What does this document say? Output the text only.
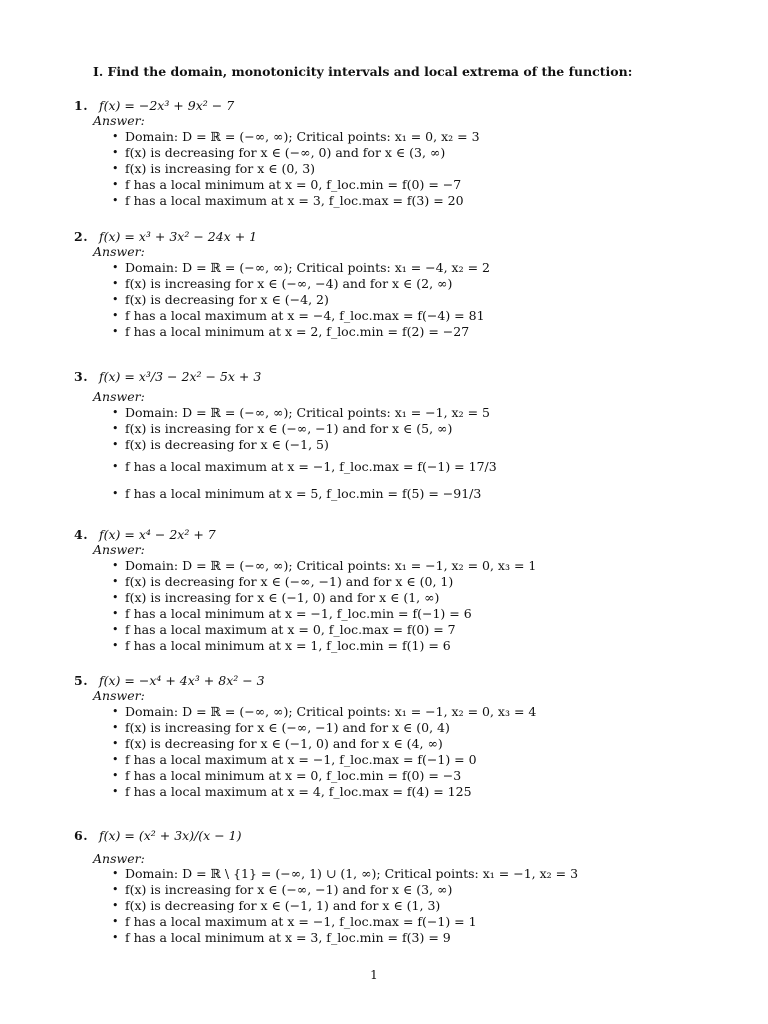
I. Find the domain, monotonicity intervals and local extrema of the function:
1. f(x) = −2x³ + 9x² − 7
Answer:
• Domain: D = ℝ = (−∞, ∞); Critical points: x₁ = 0, x₂ = 3
• f(x) is decreasing for x ∈ (−∞, 0) and for x ∈ (3, ∞)
• f(x) is increasing for x ∈ (0, 3)
• f has a local minimum at x = 0, f_loc.min = f(0) = −7
• f has a local maximum at x = 3, f_loc.max = f(3) = 20
2. f(x) = x³ + 3x² − 24x + 1
Answer:
• Domain: D = ℝ = (−∞, ∞); Critical points: x₁ = −4, x₂ = 2
• f(x) is increasing for x ∈ (−∞, −4) and for x ∈ (2, ∞)
• f(x) is decreasing for x ∈ (−4, 2)
• f has a local maximum at x = −4, f_loc.max = f(−4) = 81
• f has a local minimum at x = 2, f_loc.min = f(2) = −27
3. f(x) = x³/3 − 2x² − 5x + 3
Answer:
• Domain: D = ℝ = (−∞, ∞); Critical points: x₁ = −1, x₂ = 5
• f(x) is increasing for x ∈ (−∞, −1) and for x ∈ (5, ∞)
• f(x) is decreasing for x ∈ (−1, 5)
• f has a local maximum at x = −1, f_loc.max = f(−1) = 17/3
• f has a local minimum at x = 5, f_loc.min = f(5) = −91/3
4. f(x) = x⁴ − 2x² + 7
Answer:
• Domain: D = ℝ = (−∞, ∞); Critical points: x₁ = −1, x₂ = 0, x₃ = 1
• f(x) is decreasing for x ∈ (−∞, −1) and for x ∈ (0, 1)
• f(x) is increasing for x ∈ (−1, 0) and for x ∈ (1, ∞)
• f has a local minimum at x = −1, f_loc.min = f(−1) = 6
• f has a local maximum at x = 0, f_loc.max = f(0) = 7
• f has a local minimum at x = 1, f_loc.min = f(1) = 6
5. f(x) = −x⁴ + 4x³ + 8x² − 3
Answer:
• Domain: D = ℝ = (−∞, ∞); Critical points: x₁ = −1, x₂ = 0, x₃ = 4
• f(x) is increasing for x ∈ (−∞, −1) and for x ∈ (0, 4)
• f(x) is decreasing for x ∈ (−1, 0) and for x ∈ (4, ∞)
• f has a local maximum at x = −1, f_loc.max = f(−1) = 0
• f has a local minimum at x = 0, f_loc.min = f(0) = −3
• f has a local maximum at x = 4, f_loc.max = f(4) = 125
6. f(x) = (x² + 3x)/(x − 1)
Answer:
• Domain: D = ℝ \ {1} = (−∞, 1) ∪ (1, ∞); Critical points: x₁ = −1, x₂ = 3
• f(x) is increasing for x ∈ (−∞, −1) and for x ∈ (3, ∞)
• f(x) is decreasing for x ∈ (−1, 1) and for x ∈ (1, 3)
• f has a local maximum at x = −1, f_loc.max = f(−1) = 1
• f has a local minimum at x = 3, f_loc.min = f(3) = 9
1
